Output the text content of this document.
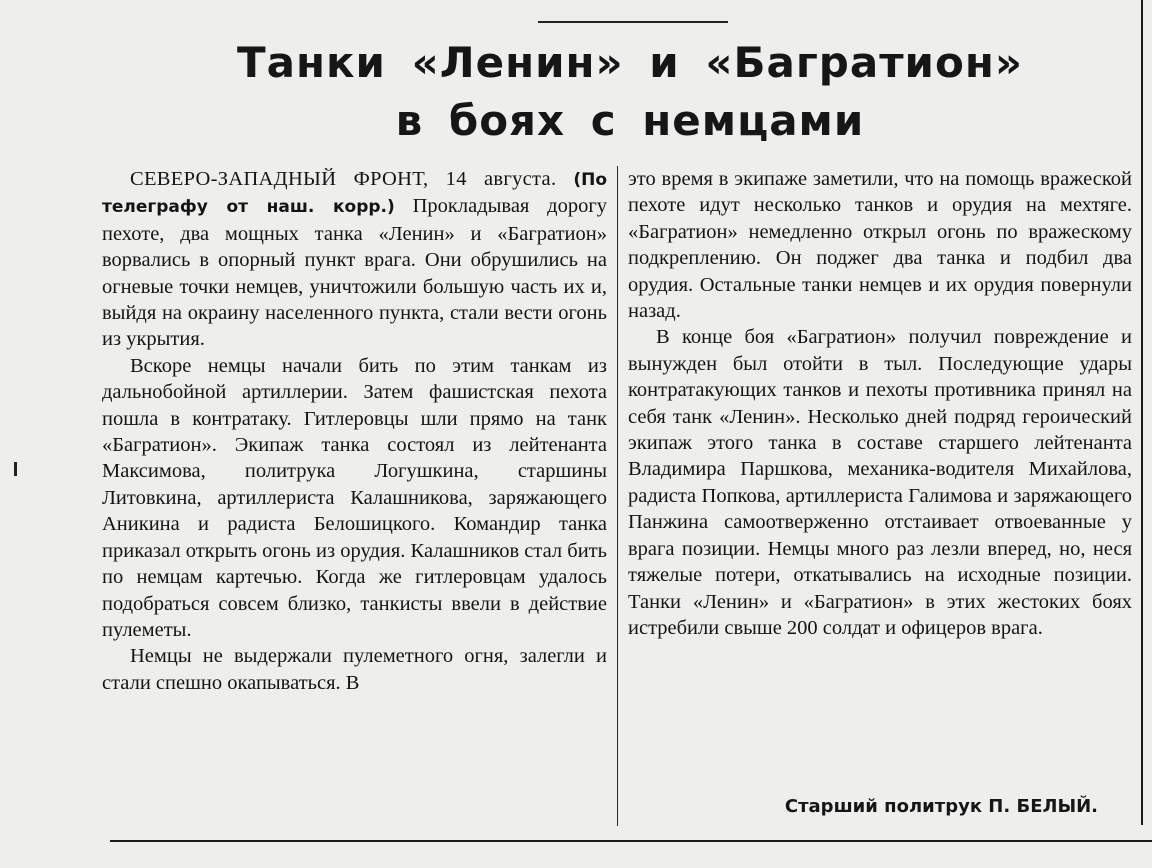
Танки «Ленин» и «Багратион»
в боях с немцами

СЕВЕРО-ЗАПАДНЫЙ ФРОНТ, 14 августа. (По телеграфу от наш. корр.) Прокладывая дорогу пехоте, два мощных танка «Ленин» и «Багратион» ворвались в опорный пункт врага. Они обрушились на огневые точки немцев, уничтожили большую часть их и, выйдя на окраину населенного пункта, стали вести огонь из укрытия.

Вскоре немцы начали бить по этим танкам из дальнобойной артиллерии. Затем фашистская пехота пошла в контратаку. Гитлеровцы шли прямо на танк «Багратион». Экипаж танка состоял из лейтенанта Максимова, политрука Логушкина, старшины Литовкина, артиллериста Калашникова, заряжающего Аникина и радиста Белошицкого. Командир танка приказал открыть огонь из орудия. Калашников стал бить по немцам картечью. Когда же гитлеровцам удалось подобраться совсем близко, танкисты ввели в действие пулеметы.

Немцы не выдержали пулеметного огня, залегли и стали спешно окапываться. В

это время в экипаже заметили, что на помощь вражеской пехоте идут несколько танков и орудия на мехтяге. «Багратион» немедленно открыл огонь по вражескому подкреплению. Он поджег два танка и подбил два орудия. Остальные танки немцев и их орудия повернули назад.

В конце боя «Багратион» получил повреждение и вынужден был отойти в тыл. Последующие удары контратакующих танков и пехоты противника принял на себя танк «Ленин». Несколько дней подряд героический экипаж этого танка в составе старшего лейтенанта Владимира Паршкова, механика-водителя Михайлова, радиста Попкова, артиллериста Галимова и заряжающего Панжина самоотверженно отстаивает отвоеванные у врага позиции. Немцы много раз лезли вперед, но, неся тяжелые потери, откатывались на исходные позиции. Танки «Ленин» и «Багратион» в этих жестоких боях истребили свыше 200 солдат и офицеров врага.

Старший политрук П. БЕЛЫЙ.
